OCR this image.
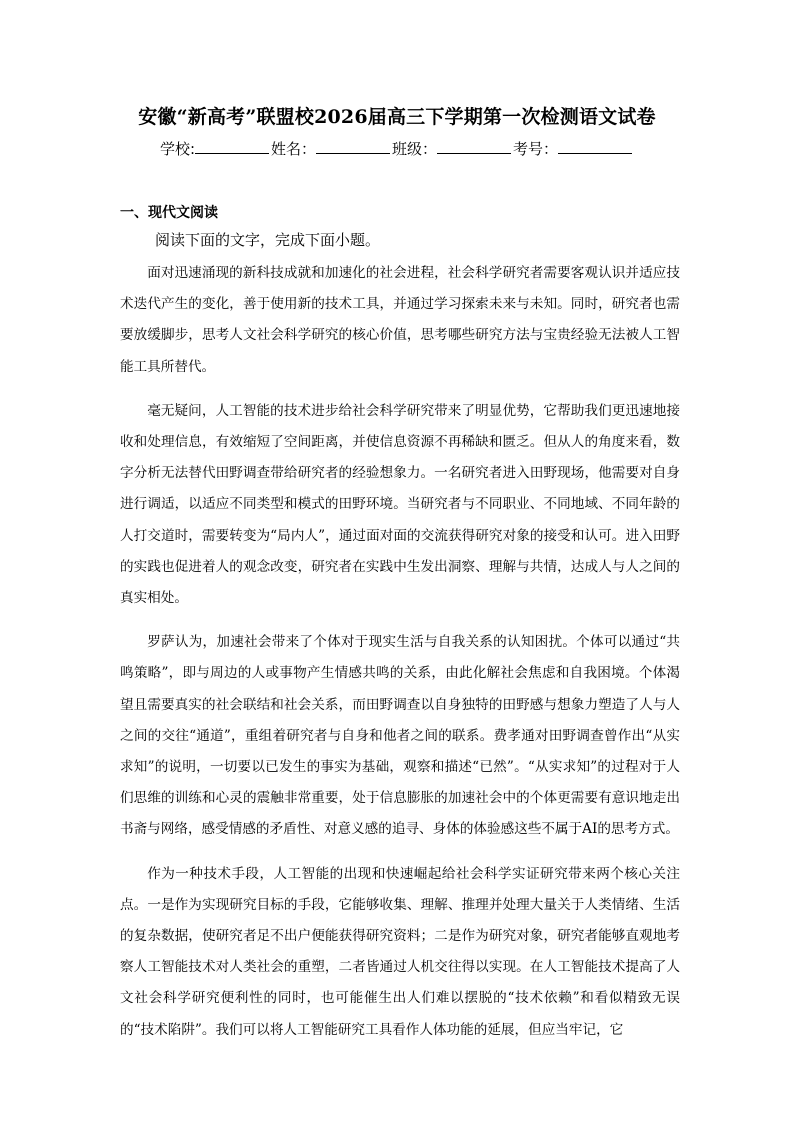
安徽“新高考”联盟校2026届高三下学期第一次检测语文试卷
学校:	姓名：	班级：	考号：
一、现代文阅读
阅读下面的文字，完成下面小题。

面对迅速涌现的新科技成就和加速化的社会进程，社会科学研究者需要客观认识并适应技术迭代产生的变化，善于使用新的技术工具，并通过学习探索未来与未知。同时，研究者也需要放缓脚步，思考人文社会科学研究的核心价值，思考哪些研究方法与宝贵经验无法被人工智能工具所替代。

毫无疑问，人工智能的技术进步给社会科学研究带来了明显优势，它帮助我们更迅速地接收和处理信息，有效缩短了空间距离，并使信息资源不再稀缺和匮乏。但从人的角度来看，数字分析无法替代田野调查带给研究者的经验想象力。一名研究者进入田野现场，他需要对自身进行调适，以适应不同类型和模式的田野环境。当研究者与不同职业、不同地域、不同年龄的人打交道时，需要转变为“局内人”，通过面对面的交流获得研究对象的接受和认可。进入田野的实践也促进着人的观念改变，研究者在实践中生发出洞察、理解与共情，达成人与人之间的真实相处。

罗萨认为，加速社会带来了个体对于现实生活与自我关系的认知困扰。个体可以通过“共鸣策略”，即与周边的人或事物产生情感共鸣的关系，由此化解社会焦虑和自我困境。个体渴望且需要真实的社会联结和社会关系，而田野调查以自身独特的田野感与想象力塑造了人与人之间的交往“通道”，重组着研究者与自身和他者之间的联系。费孝通对田野调查曾作出“从实求知”的说明，一切要以已发生的事实为基础，观察和描述“已然”。“从实求知”的过程对于人们思维的训练和心灵的震触非常重要，处于信息膨胀的加速社会中的个体更需要有意识地走出书斋与网络，感受情感的矛盾性、对意义感的追寻、身体的体验感这些不属于AI的思考方式。

作为一种技术手段，人工智能的出现和快速崛起给社会科学实证研究带来两个核心关注点。一是作为实现研究目标的手段，它能够收集、理解、推理并处理大量关于人类情绪、生活的复杂数据，使研究者足不出户便能获得研究资料；二是作为研究对象，研究者能够直观地考察人工智能技术对人类社会的重塑，二者皆通过人机交往得以实现。在人工智能技术提高了人文社会科学研究便利性的同时，也可能催生出人们难以摆脱的“技术依赖”和看似精致无误的“技术陷阱”。我们可以将人工智能研究工具看作人体功能的延展，但应当牢记，它
